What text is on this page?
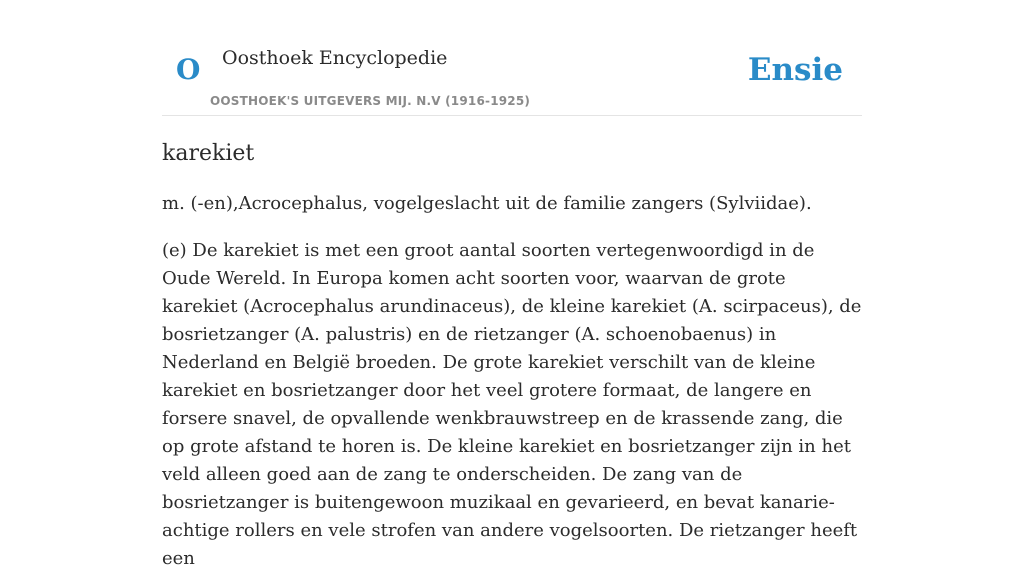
O Oosthoek Encyclopedie
OOSTHOEK'S UITGEVERS MIJ. N.V (1916-1925)
Ensie
karekiet

m. (-en),Acrocephalus, vogelgeslacht uit de familie zangers (Sylviidae).

(e) De karekiet is met een groot aantal soorten vertegenwoordigd in de Oude Wereld. In Europa komen acht soorten voor, waarvan de grote karekiet (Acrocephalus arundinaceus), de kleine karekiet (A. scirpaceus), de bosrietzanger (A. palustris) en de rietzanger (A. schoenobaenus) in Nederland en België broeden. De grote karekiet verschilt van de kleine karekiet en bosrietzanger door het veel grotere formaat, de langere en forsere snavel, de opvallende wenkbrauwstreep en de krassende zang, die op grote afstand te horen is. De kleine karekiet en bosrietzanger zijn in het veld alleen goed aan de zang te onderscheiden. De zang van de bosrietzanger is buitengewoon muzikaal en gevarieerd, en bevat kanarie-achtige rollers en vele strofen van andere vogelsoorten. De rietzanger heeft een
